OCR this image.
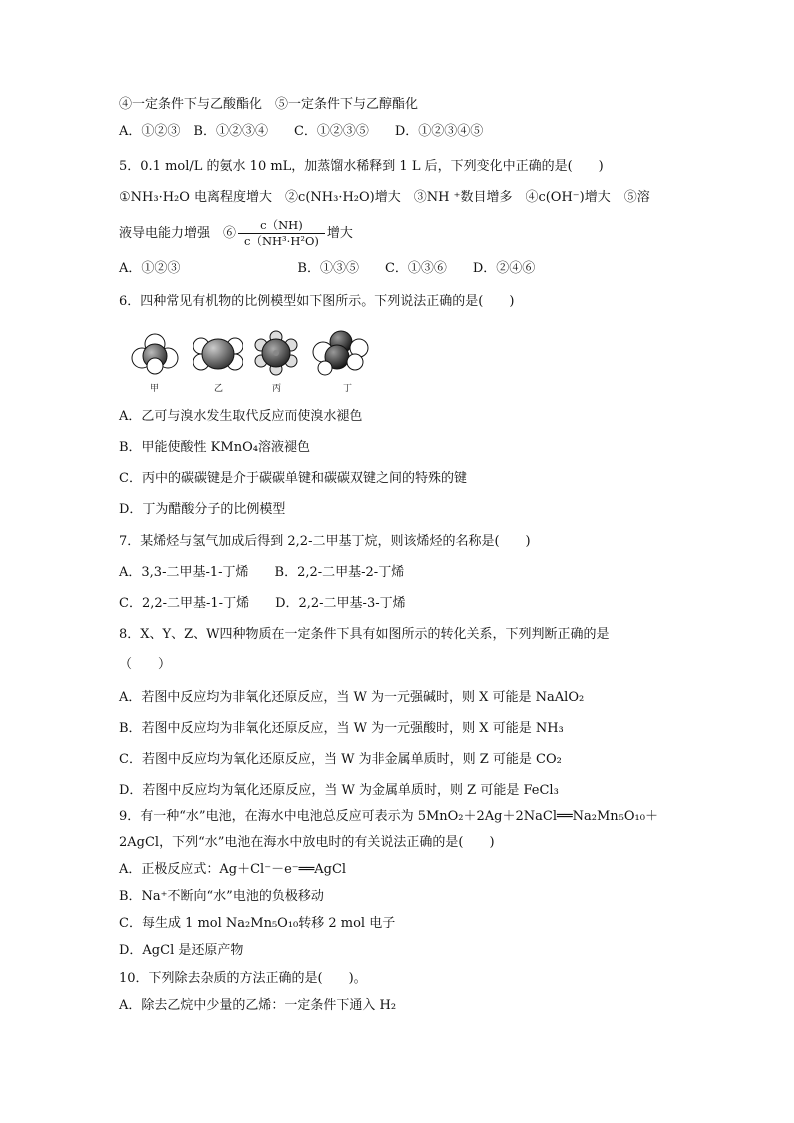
④一定条件下与乙酸酯化　⑤一定条件下与乙醇酯化
A．①②③　B．①②③④　　C．①②③⑤　　D．①②③④⑤
5．0.1 mol/L 的氨水 10 mL，加蒸馏水稀释到 1 L 后，下列变化中正确的是(　　)
①NH₃·H₂O 电离程度增大　②c(NH₃·H₂O)增大　③NH ⁺数目增多　④c(OH⁻)增大　⑤溶
液导电能力增强　⑥ $\frac{c(NH)}{\text{c（NH³·H²O)}}$ 增大
A．①②③　　　　　　　　　B．①③⑤　　C．①③⑥　　D．②④⑥
6．四种常见有机物的比例模型如下图所示。下列说法正确的是(　　)
甲	乙	丙	丁
A．乙可与溴水发生取代反应而使溴水褪色
B．甲能使酸性 KMnO₄溶液褪色
C．丙中的碳碳键是介于碳碳单键和碳碳双键之间的特殊的键
D．丁为醋酸分子的比例模型
7．某烯烃与氢气加成后得到 2,2-二甲基丁烷，则该烯烃的名称是(　　)
A．3,3-二甲基-1-丁烯　　B．2,2-二甲基-2-丁烯
C．2,2-二甲基-1-丁烯　　D．2,2-二甲基-3-丁烯
8．X、Y、Z、W四种物质在一定条件下具有如图所示的转化关系，下列判断正确的是
（　　）
A．若图中反应均为非氧化还原反应，当 W 为一元强碱时，则 X 可能是 NaAlO₂
B．若图中反应均为非氧化还原反应，当 W 为一元强酸时，则 X 可能是 NH₃
C．若图中反应均为氧化还原反应，当 W 为非金属单质时，则 Z 可能是 CO₂
D．若图中反应均为氧化还原反应，当 W 为金属单质时，则 Z 可能是 FeCl₃
9．有一种“水”电池，在海水中电池总反应可表示为 5MnO₂＋2Ag＋2NaCl══Na₂Mn₅O₁₀＋
2AgCl，下列“水”电池在海水中放电时的有关说法正确的是(　　)
A．正极反应式：Ag＋Cl⁻－e⁻══AgCl
B．Na⁺不断向“水”电池的负极移动
C．每生成 1 mol Na₂Mn₅O₁₀转移 2 mol 电子
D．AgCl 是还原产物
10．下列除去杂质的方法正确的是(　　)。
A．除去乙烷中少量的乙烯：一定条件下通入 H₂
